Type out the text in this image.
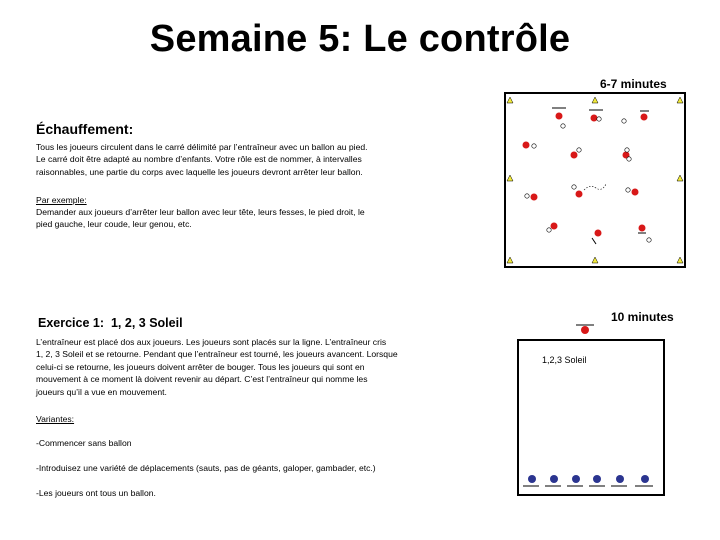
Semaine 5: Le contrôle
6-7 minutes
Échauffement:
Tous les joueurs circulent dans le carré délimité par l’entraîneur avec un ballon au pied.
Le carré doit être adapté au nombre d’enfants. Votre rôle est de nommer, à intervalles
raisonnables, une partie du corps avec laquelle les joueurs devront arrêter leur ballon.
Par exemple:
Demander aux joueurs d’arrêter leur ballon avec leur tête, leurs fesses, le pied droit, le
pied gauche, leur coude, leur genou, etc.
10 minutes
Exercice 1: 1, 2, 3 Soleil
L’entraîneur est placé dos aux joueurs. Les joueurs sont placés sur la ligne. L’entraîneur cris
1, 2, 3 Soleil et se retourne. Pendant que l’entraîneur est tourné, les joueurs avancent. Lorsque
celui-ci se retourne, les joueurs doivent arrêter de bouger. Tous les joueurs qui sont en
mouvement à ce moment là doivent revenir au départ. C’est l’entraîneur qui nomme les
joueurs qu’il a vue en mouvement.
Variantes:

-Commencer sans ballon

-Introduisez une variété de déplacements (sauts, pas de géants, galoper, gambader, etc.)

-Les joueurs ont tous un ballon.

1,2,3 Soleil
